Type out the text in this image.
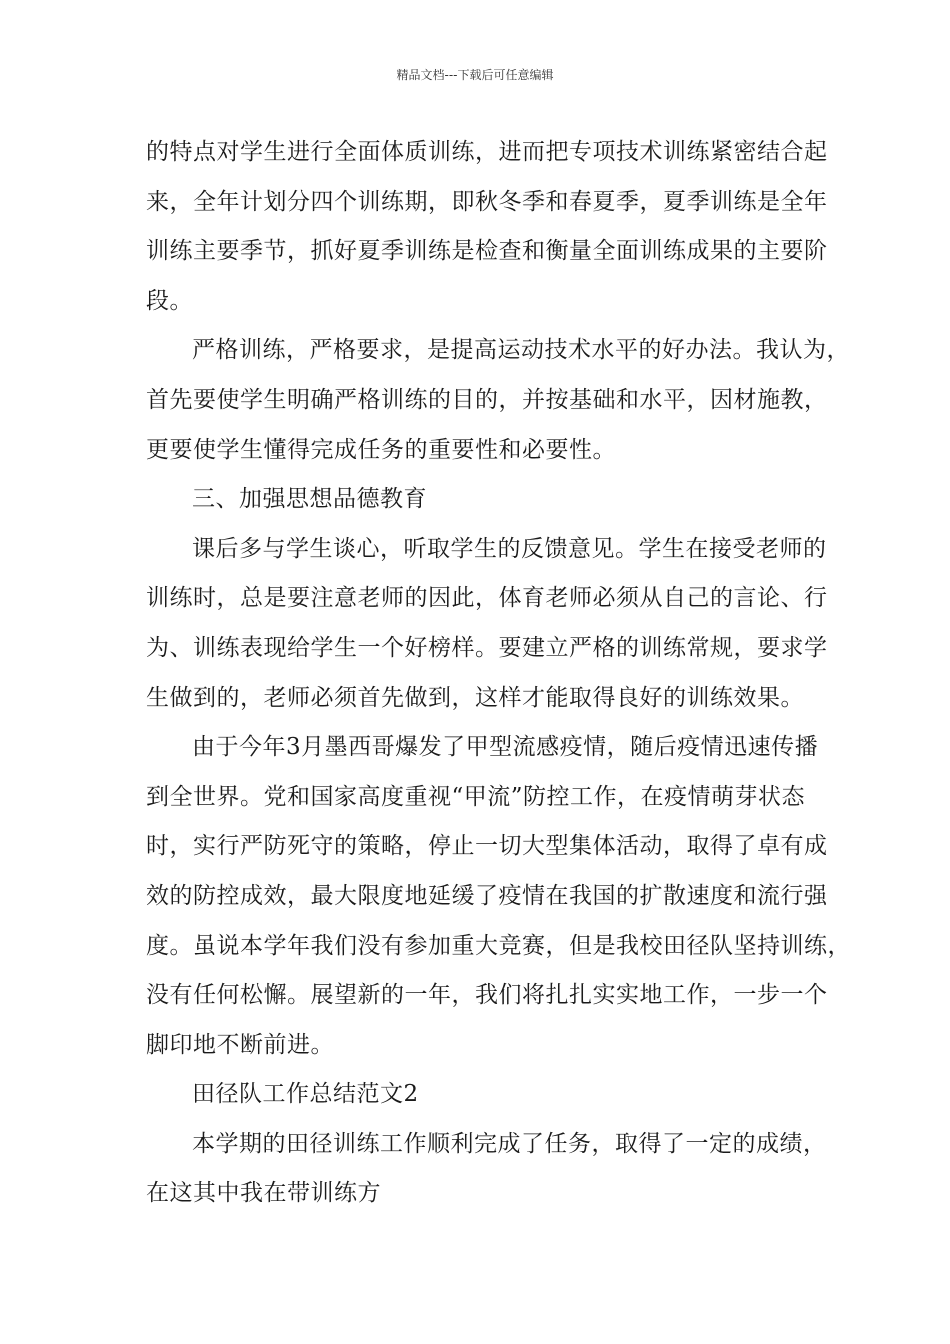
精品文档---下载后可任意编辑
的特点对学生进行全面体质训练，进而把专项技术训练紧密结合起
来，全年计划分四个训练期，即秋冬季和春夏季，夏季训练是全年
训练主要季节，抓好夏季训练是检查和衡量全面训练成果的主要阶
段。
严格训练，严格要求，是提高运动技术水平的好办法。我认为，
首先要使学生明确严格训练的目的，并按基础和水平，因材施教，
更要使学生懂得完成任务的重要性和必要性。
三、加强思想品德教育
课后多与学生谈心，听取学生的反馈意见。学生在接受老师的
训练时，总是要注意老师的因此，体育老师必须从自己的言论、行
为、训练表现给学生一个好榜样。要建立严格的训练常规，要求学
生做到的，老师必须首先做到，这样才能取得良好的训练效果。
由于今年3月墨西哥爆发了甲型流感疫情，随后疫情迅速传播
到全世界。党和国家高度重视“甲流”防控工作，在疫情萌芽状态
时，实行严防死守的策略，停止一切大型集体活动，取得了卓有成
效的防控成效，最大限度地延缓了疫情在我国的扩散速度和流行强
度。虽说本学年我们没有参加重大竞赛，但是我校田径队坚持训练，
没有任何松懈。展望新的一年，我们将扎扎实实地工作，一步一个
脚印地不断前进。
田径队工作总结范文2
本学期的田径训练工作顺利完成了任务，取得了一定的成绩，
在这其中我在带训练方
